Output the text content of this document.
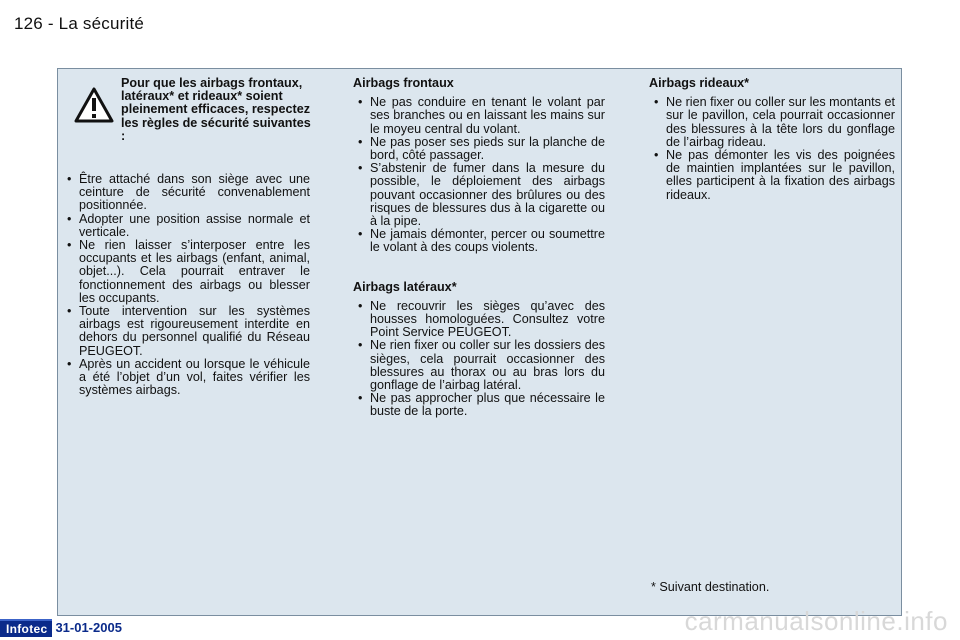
126 - La sécurité
Pour que les airbags frontaux, latéraux* et rideaux* soient pleinement efficaces, respectez les règles de sécurité suivantes :
• Être attaché dans son siège avec une ceinture de sécurité convenablement positionnée.
• Adopter une position assise normale et verticale.
• Ne rien laisser s’interposer entre les occupants et les airbags (enfant, animal, objet...). Cela pourrait entraver le fonctionnement des airbags ou blesser les occupants.
• Toute intervention sur les systèmes airbags est rigoureusement interdite en dehors du personnel qualifié du Réseau PEUGEOT.
• Après un accident ou lorsque le véhicule a été l’objet d’un vol, faites vérifier les systèmes airbags.
Airbags frontaux
• Ne pas conduire en tenant le volant par ses branches ou en laissant les mains sur le moyeu central du volant.
• Ne pas poser ses pieds sur la planche de bord, côté passager.
• S’abstenir de fumer dans la mesure du possible, le déploiement des airbags pouvant occasionner des brûlures ou des risques de blessures dus à la cigarette ou à la pipe.
• Ne jamais démonter, percer ou soumettre le volant à des coups violents.
Airbags latéraux*
• Ne recouvrir les sièges qu’avec des housses homologuées. Consultez votre Point Service PEUGEOT.
• Ne rien fixer ou coller sur les dossiers des sièges, cela pourrait occasionner des blessures au thorax ou au bras lors du gonflage de l’airbag latéral.
• Ne pas approcher plus que nécessaire le buste de la porte.
Airbags rideaux*
• Ne rien fixer ou coller sur les montants et sur le pavillon, cela pourrait occasionner des blessures à la tête lors du gonflage de l’airbag rideau.
• Ne pas démonter les vis des poignées de maintien implantées sur le pavillon, elles participent à la fixation des airbags rideaux.
* Suivant destination.
Infotec 31-01-2005	carmanualsonline.info
